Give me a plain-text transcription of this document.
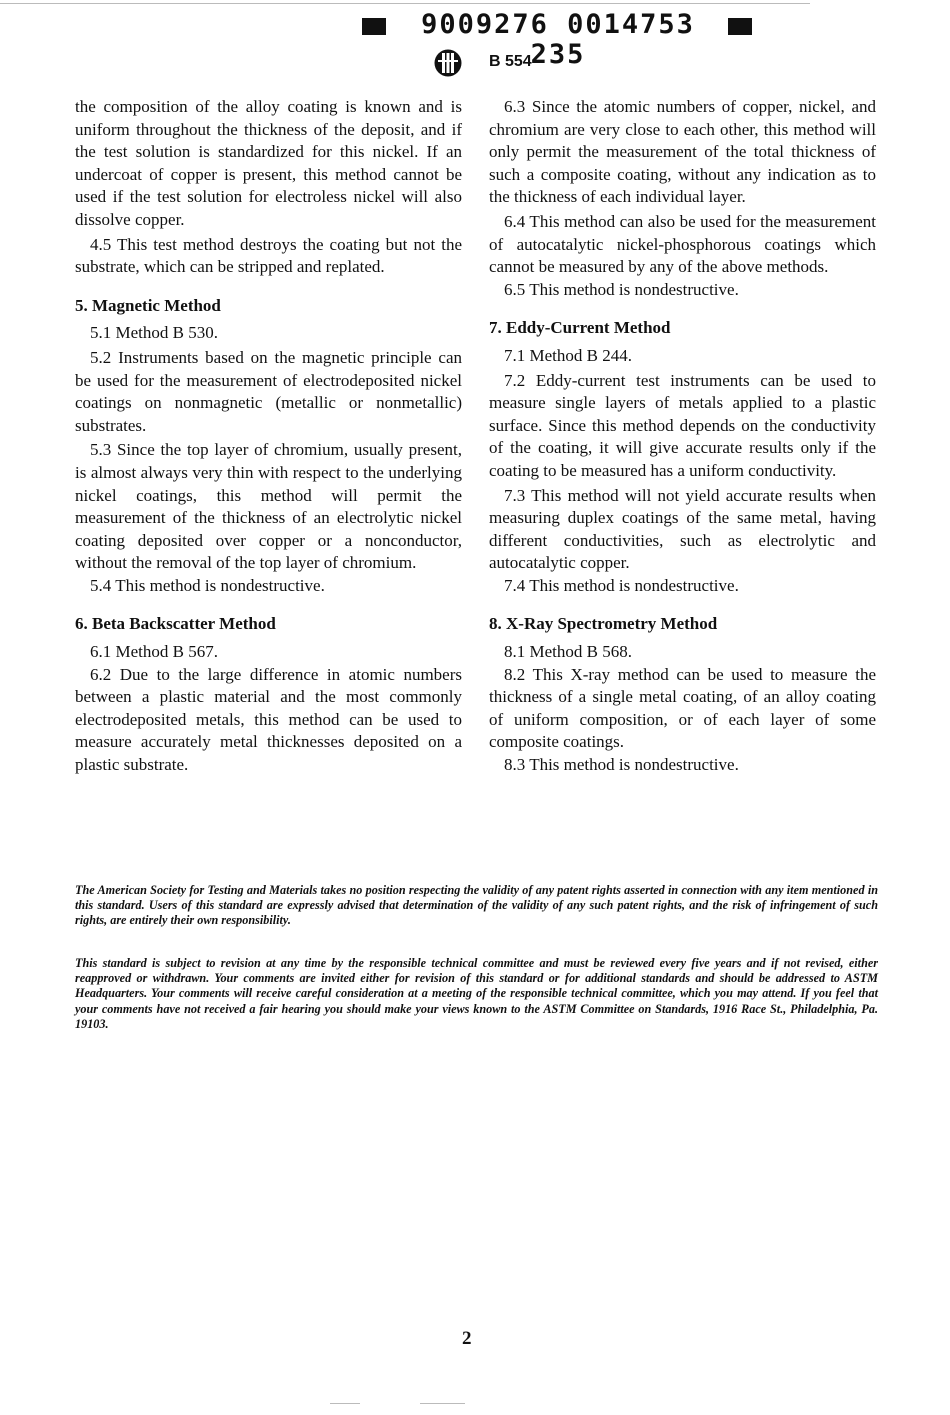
9009276 0014753 235
B 554

the composition of the alloy coating is known and is uniform throughout the thickness of the deposit, and if the test solution is standardized for this nickel. If an undercoat of copper is present, this method cannot be used if the test solution for electroless nickel will also dissolve copper.

4.5 This test method destroys the coating but not the substrate, which can be stripped and replated.

5. Magnetic Method

5.1 Method B 530.

5.2 Instruments based on the magnetic principle can be used for the measurement of electrodeposited nickel coatings on nonmagnetic (metallic or nonmetallic) substrates.

5.3 Since the top layer of chromium, usually present, is almost always very thin with respect to the underlying nickel coatings, this method will permit the measurement of the thickness of an electrolytic nickel coating deposited over copper or a nonconductor, without the removal of the top layer of chromium.

5.4 This method is nondestructive.

6. Beta Backscatter Method

6.1 Method B 567.

6.2 Due to the large difference in atomic numbers between a plastic material and the most commonly electrodeposited metals, this method can be used to measure accurately metal thicknesses deposited on a plastic substrate.

6.3 Since the atomic numbers of copper, nickel, and chromium are very close to each other, this method will only permit the measurement of the total thickness of such a composite coating, without any indication as to the thickness of each individual layer.

6.4 This method can also be used for the measurement of autocatalytic nickel-phosphorous coatings which cannot be measured by any of the above methods.

6.5 This method is nondestructive.

7. Eddy-Current Method

7.1 Method B 244.

7.2 Eddy-current test instruments can be used to measure single layers of metals applied to a plastic surface. Since this method depends on the conductivity of the coating, it will give accurate results only if the coating to be measured has a uniform conductivity.

7.3 This method will not yield accurate results when measuring duplex coatings of the same metal, having different conductivities, such as electrolytic and autocatalytic copper.

7.4 This method is nondestructive.

8. X-Ray Spectrometry Method

8.1 Method B 568.

8.2 This X-ray method can be used to measure the thickness of a single metal coating, of an alloy coating of uniform composition, or of each layer of some composite coatings.

8.3 This method is nondestructive.

The American Society for Testing and Materials takes no position respecting the validity of any patent rights asserted in connection with any item mentioned in this standard. Users of this standard are expressly advised that determination of the validity of any such patent rights, and the risk of infringement of such rights, are entirely their own responsibility.

This standard is subject to revision at any time by the responsible technical committee and must be reviewed every five years and if not revised, either reapproved or withdrawn. Your comments are invited either for revision of this standard or for additional standards and should be addressed to ASTM Headquarters. Your comments will receive careful consideration at a meeting of the responsible technical committee, which you may attend. If you feel that your comments have not received a fair hearing you should make your views known to the ASTM Committee on Standards, 1916 Race St., Philadelphia, Pa. 19103.

2
